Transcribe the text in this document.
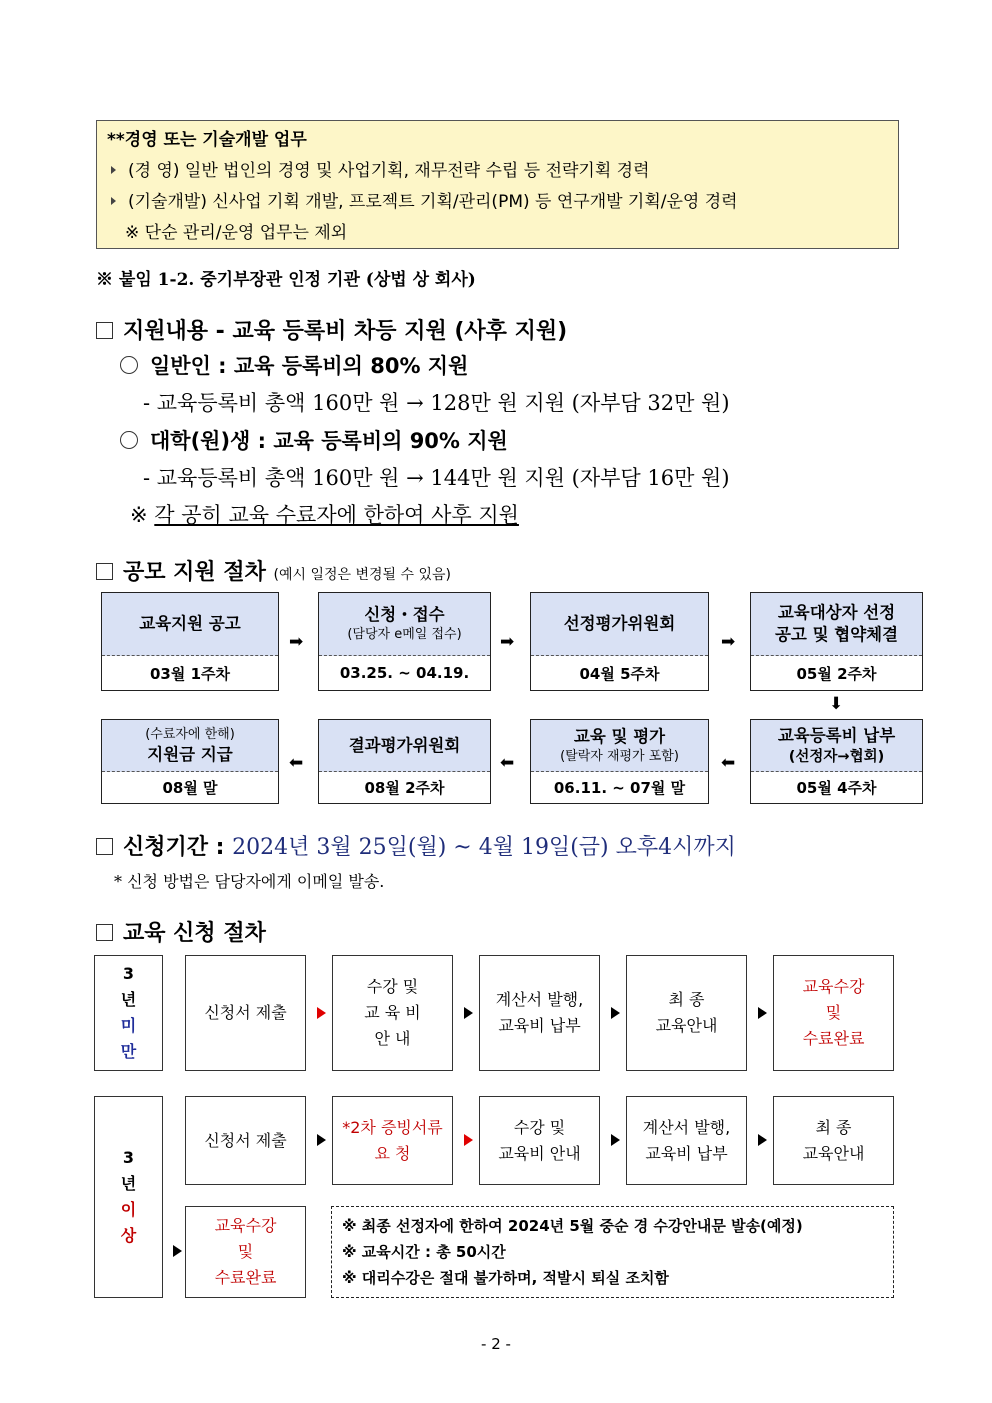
**경영 또는 기술개발 업무
(경 영) 일반 법인의 경영 및 사업기획, 재무전략 수립 등 전략기획 경력
(기술개발) 신사업 기획 개발, 프로젝트 기획/관리(PM) 등 연구개발 기획/운영 경력
※ 단순 관리/운영 업무는 제외
※ 붙임 1-2. 중기부장관 인정 기관 (상법 상 회사)
지원내용 - 교육 등록비 차등 지원 (사후 지원)
일반인 : 교육 등록비의 80% 지원
- 교육등록비 총액 160만 원 → 128만 원 지원 (자부담 32만 원)
대학(원)생 : 교육 등록비의 90% 지원
- 교육등록비 총액 160만 원 → 144만 원 지원 (자부담 16만 원)
※ 각 공히 교육 수료자에 한하여 사후 지원
공모 지원 절차 (예시 일정은 변경될 수 있음)
교육지원 공고
03월 1주차
➡
신청・접수
(담당자 e메일 접수)
03.25. ~ 04.19.
➡
선정평가위원회
04월 5주차
➡
교육대상자 선정
공고 및 협약체결
05월 2주차
⬇
(수료자에 한해)
지원금 지급
08월 말
⬅
결과평가위원회
08월 2주차
⬅
교육 및 평가
(탈락자 재평가 포함)
06.11. ~ 07월 말
⬅
교육등록비 납부
(선정자→협회)
05월 4주차
신청기간 : 2024년 3월 25일(월) ~ 4월 19일(금) 오후4시까지
* 신청 방법은 담당자에게 이메일 발송.
교육 신청 절차
3
년
미
만
신청서 제출
수강 및
교 육 비
안 내
계산서 발행,
교육비 납부
최 종
교육안내
교육수강
및
수료완료
3
년
이
상
신청서 제출
*2차 증빙서류
요 청
수강 및
교육비 안내
계산서 발행,
교육비 납부
최 종
교육안내
교육수강
및
수료완료
※ 최종 선정자에 한하여 2024년 5월 중순 경 수강안내문 발송(예정)
※ 교육시간 : 총 50시간
※ 대리수강은 절대 불가하며, 적발시 퇴실 조치함
- 2 -
